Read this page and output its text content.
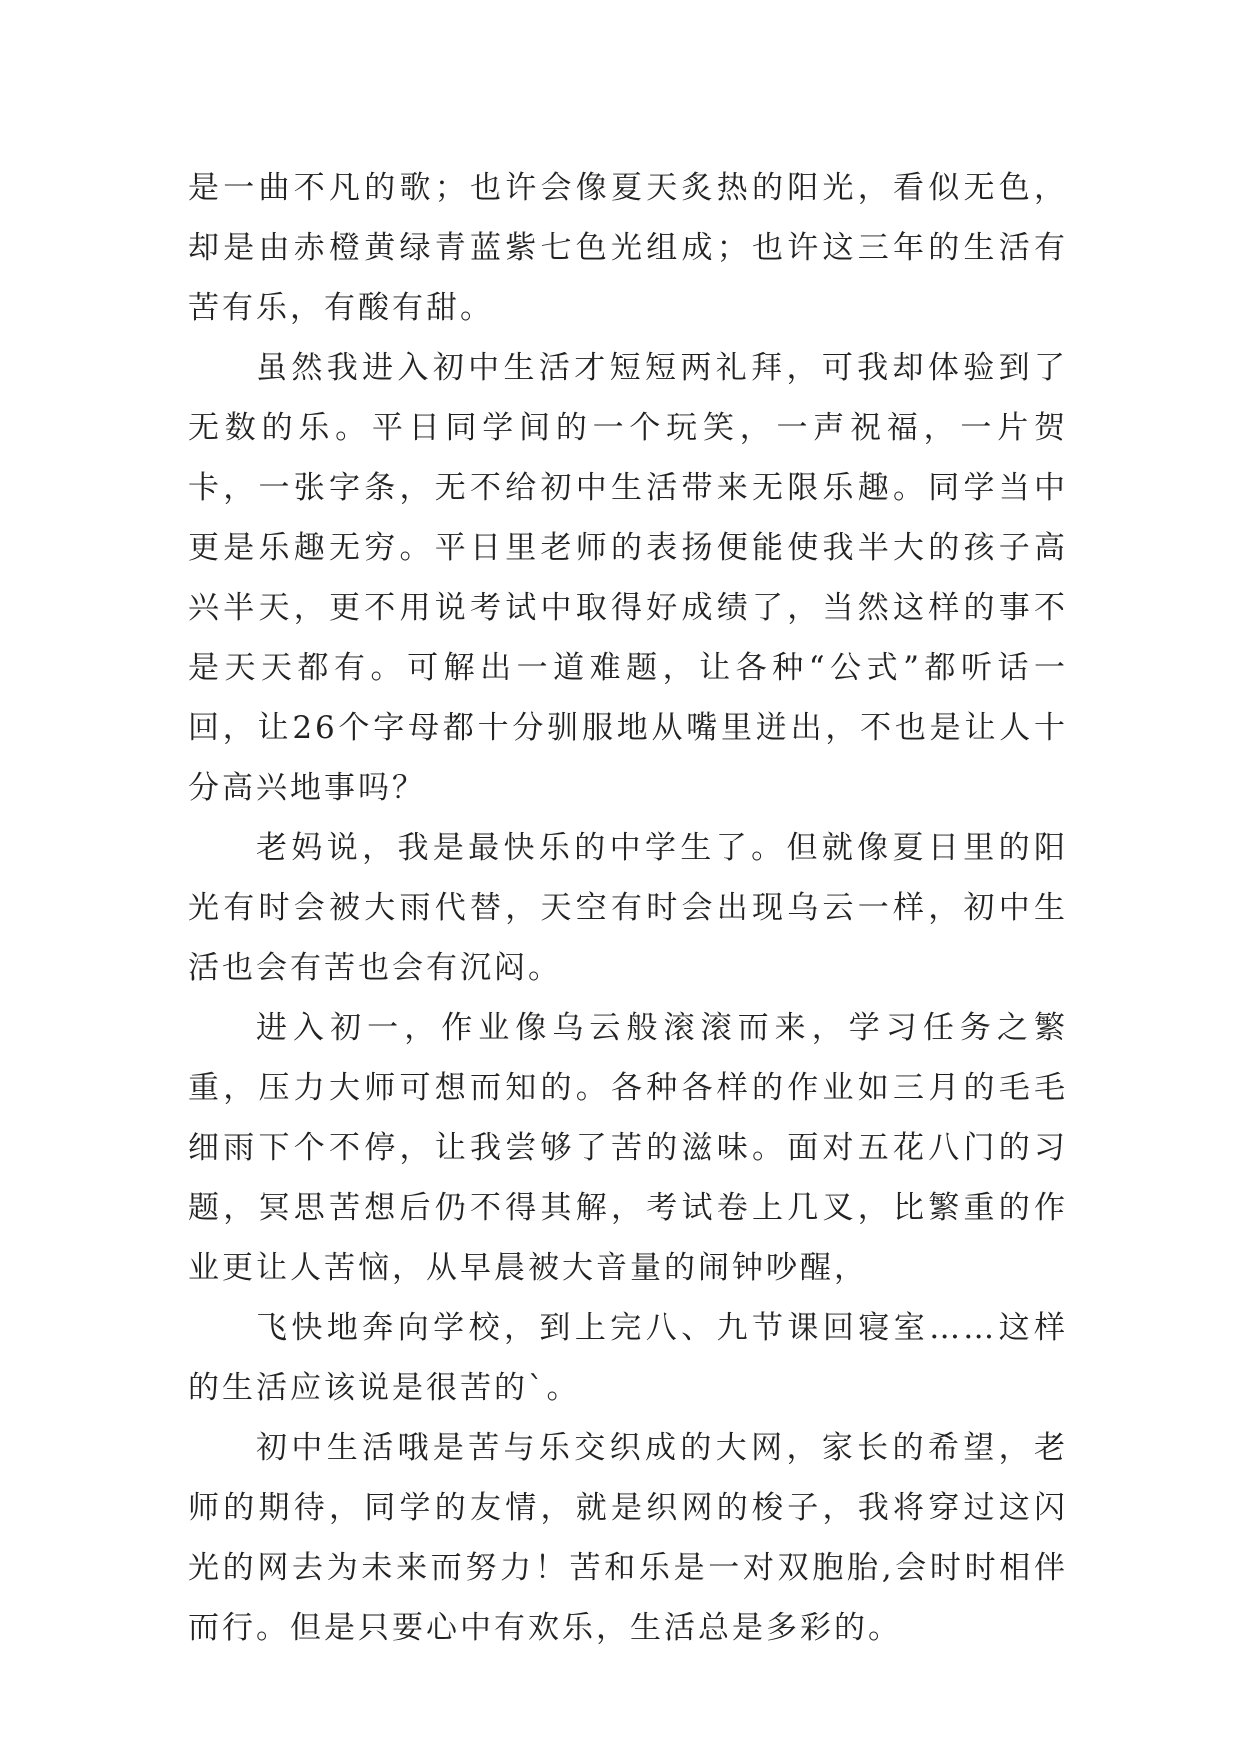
是一曲不凡的歌；也许会像夏天炙热的阳光，看似无色，却是由赤橙黄绿青蓝紫七色光组成；也许这三年的生活有苦有乐，有酸有甜。

虽然我进入初中生活才短短两礼拜，可我却体验到了无数的乐。平日同学间的一个玩笑，一声祝福，一片贺卡，一张字条，无不给初中生活带来无限乐趣。同学当中更是乐趣无穷。平日里老师的表扬便能使我半大的孩子高兴半天，更不用说考试中取得好成绩了，当然这样的事不是天天都有。可解出一道难题，让各种“公式”都听话一回，让26个字母都十分驯服地从嘴里迸出，不也是让人十分高兴地事吗？

老妈说，我是最快乐的中学生了。但就像夏日里的阳光有时会被大雨代替，天空有时会出现乌云一样，初中生活也会有苦也会有沉闷。

进入初一，作业像乌云般滚滚而来，学习任务之繁重，压力大师可想而知的。各种各样的作业如三月的毛毛细雨下个不停，让我尝够了苦的滋味。面对五花八门的习题，冥思苦想后仍不得其解，考试卷上几叉，比繁重的作业更让人苦恼，从早晨被大音量的闹钟吵醒，

飞快地奔向学校，到上完八、九节课回寝室……这样的生活应该说是很苦的`。

初中生活哦是苦与乐交织成的大网，家长的希望，老师的期待，同学的友情，就是织网的梭子，我将穿过这闪光的网去为未来而努力！苦和乐是一对双胞胎,会时时相伴而行。但是只要心中有欢乐，生活总是多彩的。
